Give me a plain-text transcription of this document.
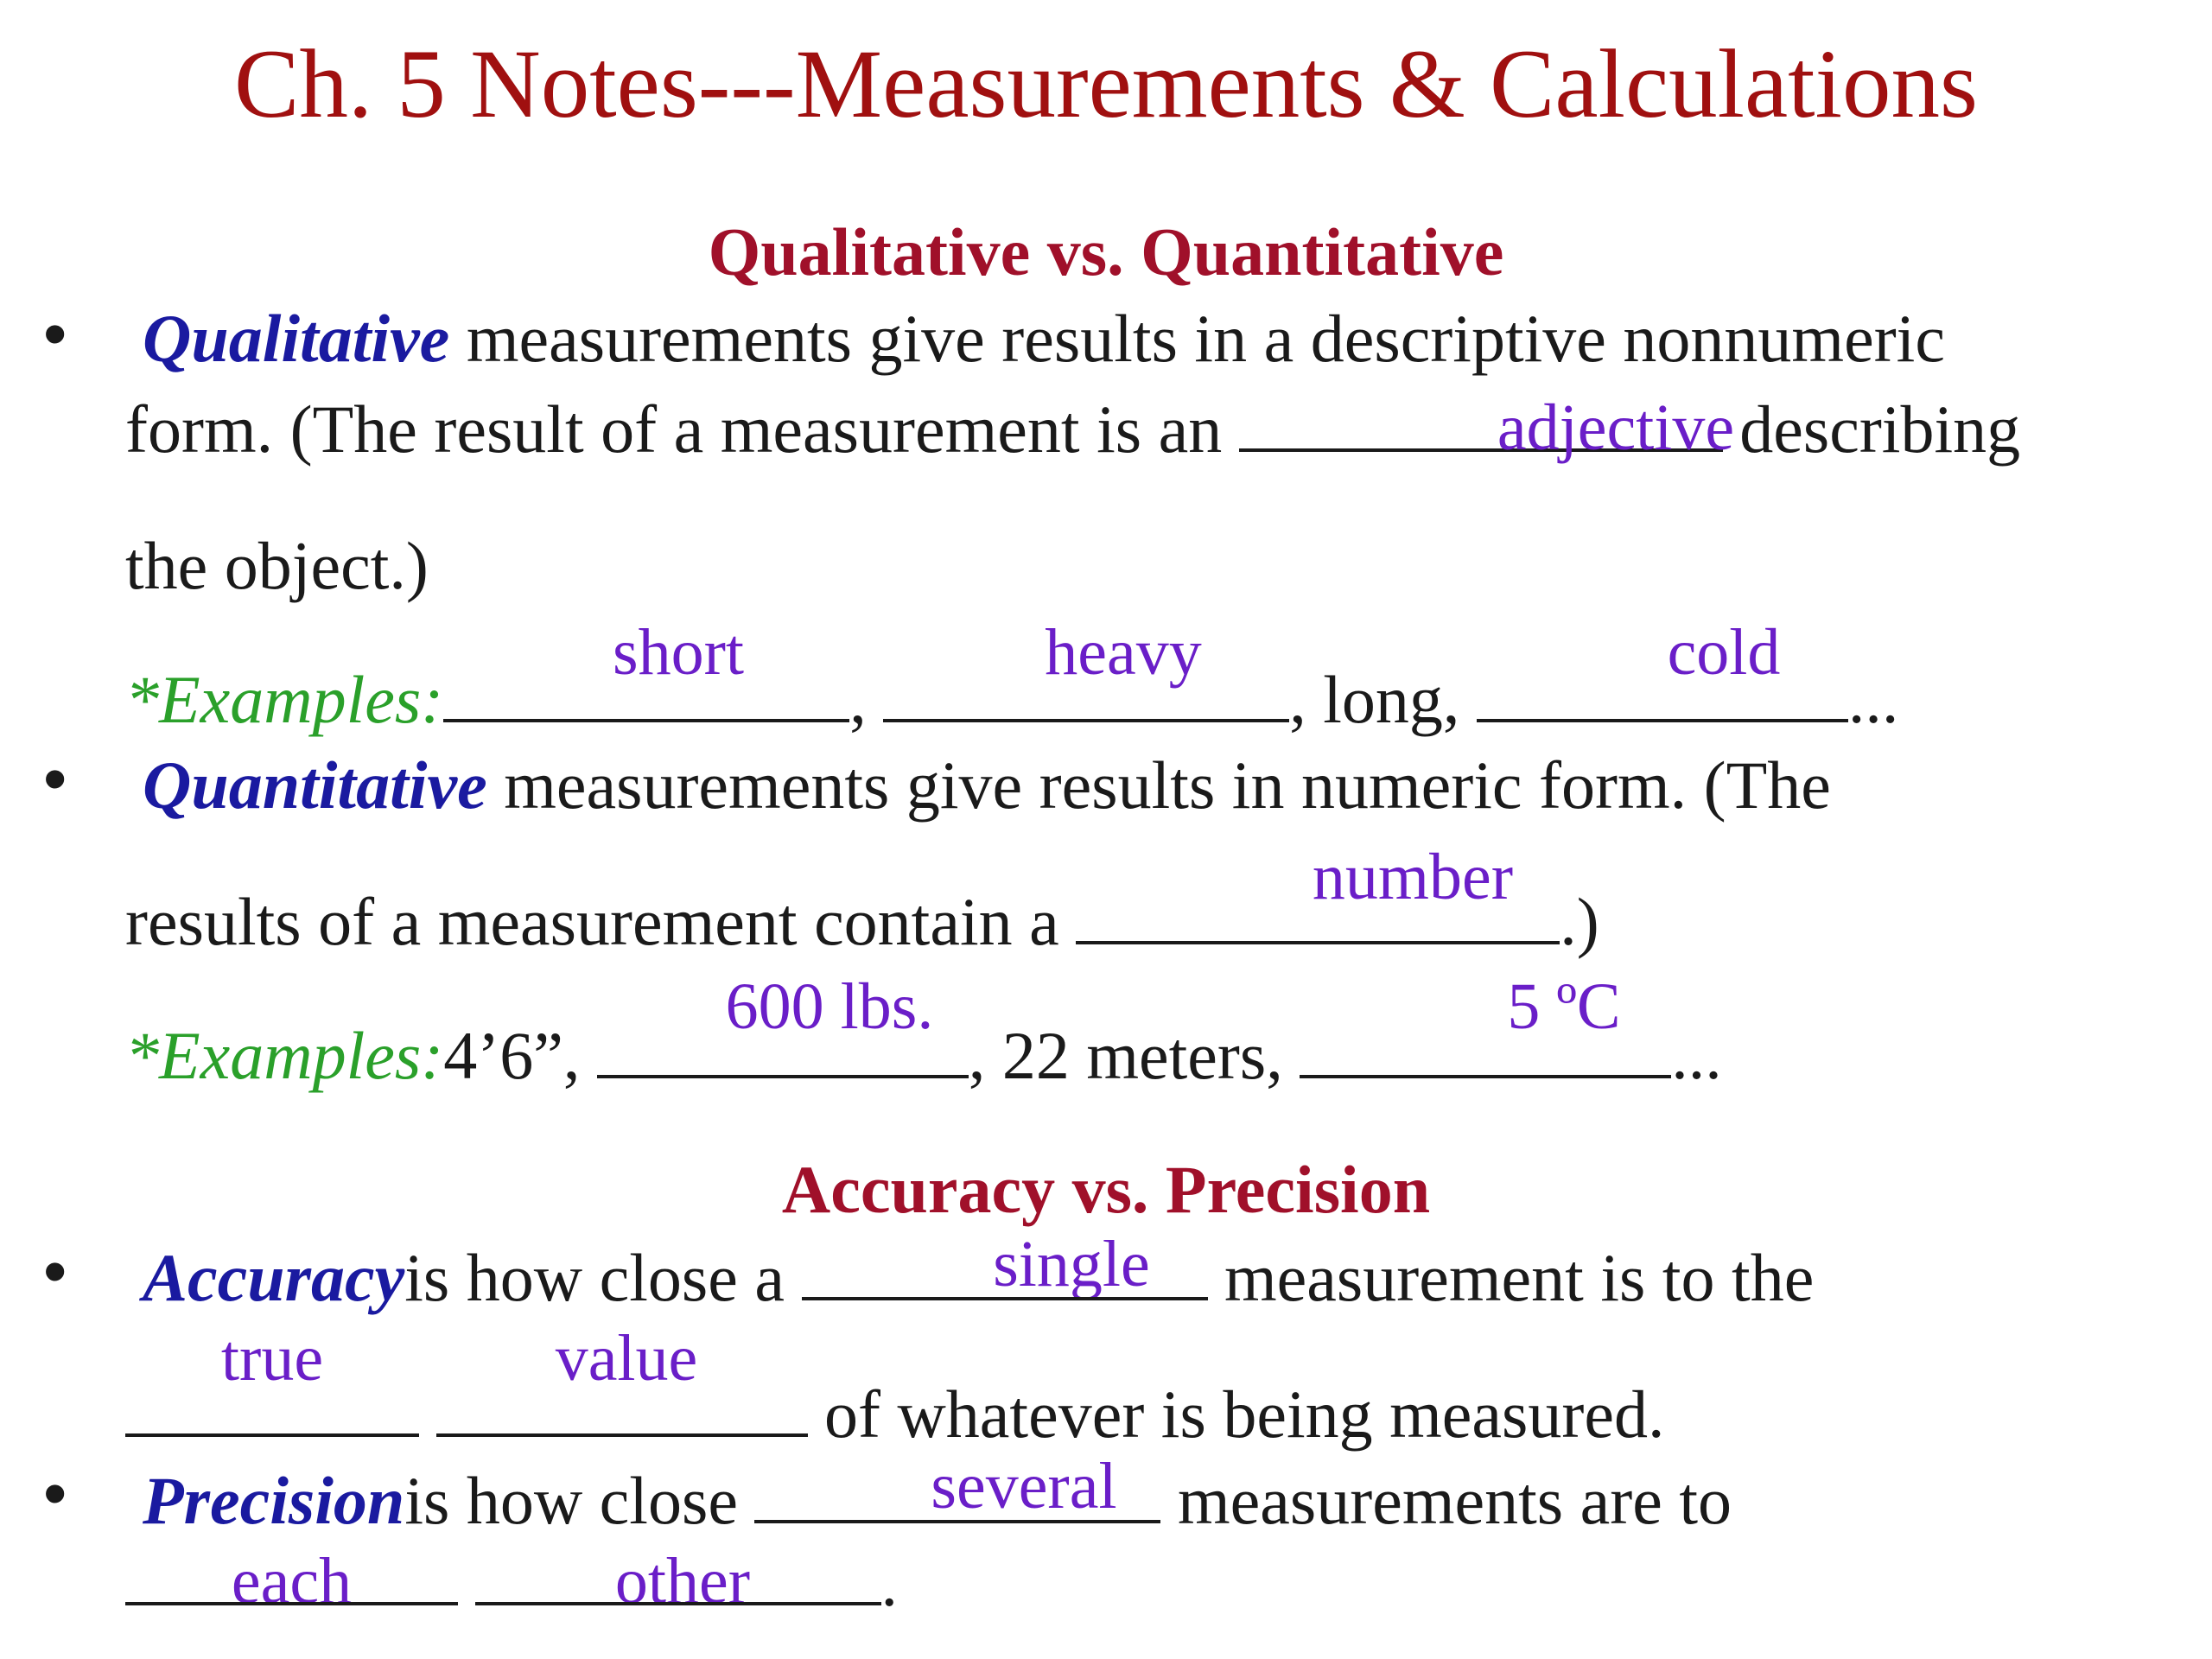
Ch. 5 Notes---Measurements & Calculations
Qualitative vs. Quantitative
• Qualitative measurements give results in a descriptive nonnumeric
form. (The result of a measurement is an	describing
adjective
the object.)
short	heavy	cold
*Examples:	,	, long,	...
• Quantitative measurements give results in numeric form. (The
number
results of a measurement contain a	.)
600 lbs.	5 ºC
*Examples:4’6”,	, 22 meters,	...
Accuracy vs. Precision
single
• Accuracyis how close a	measurement is to the
true	value
of whatever is being measured.
several
• Precisionis how close	measurements are to
each	other	.
